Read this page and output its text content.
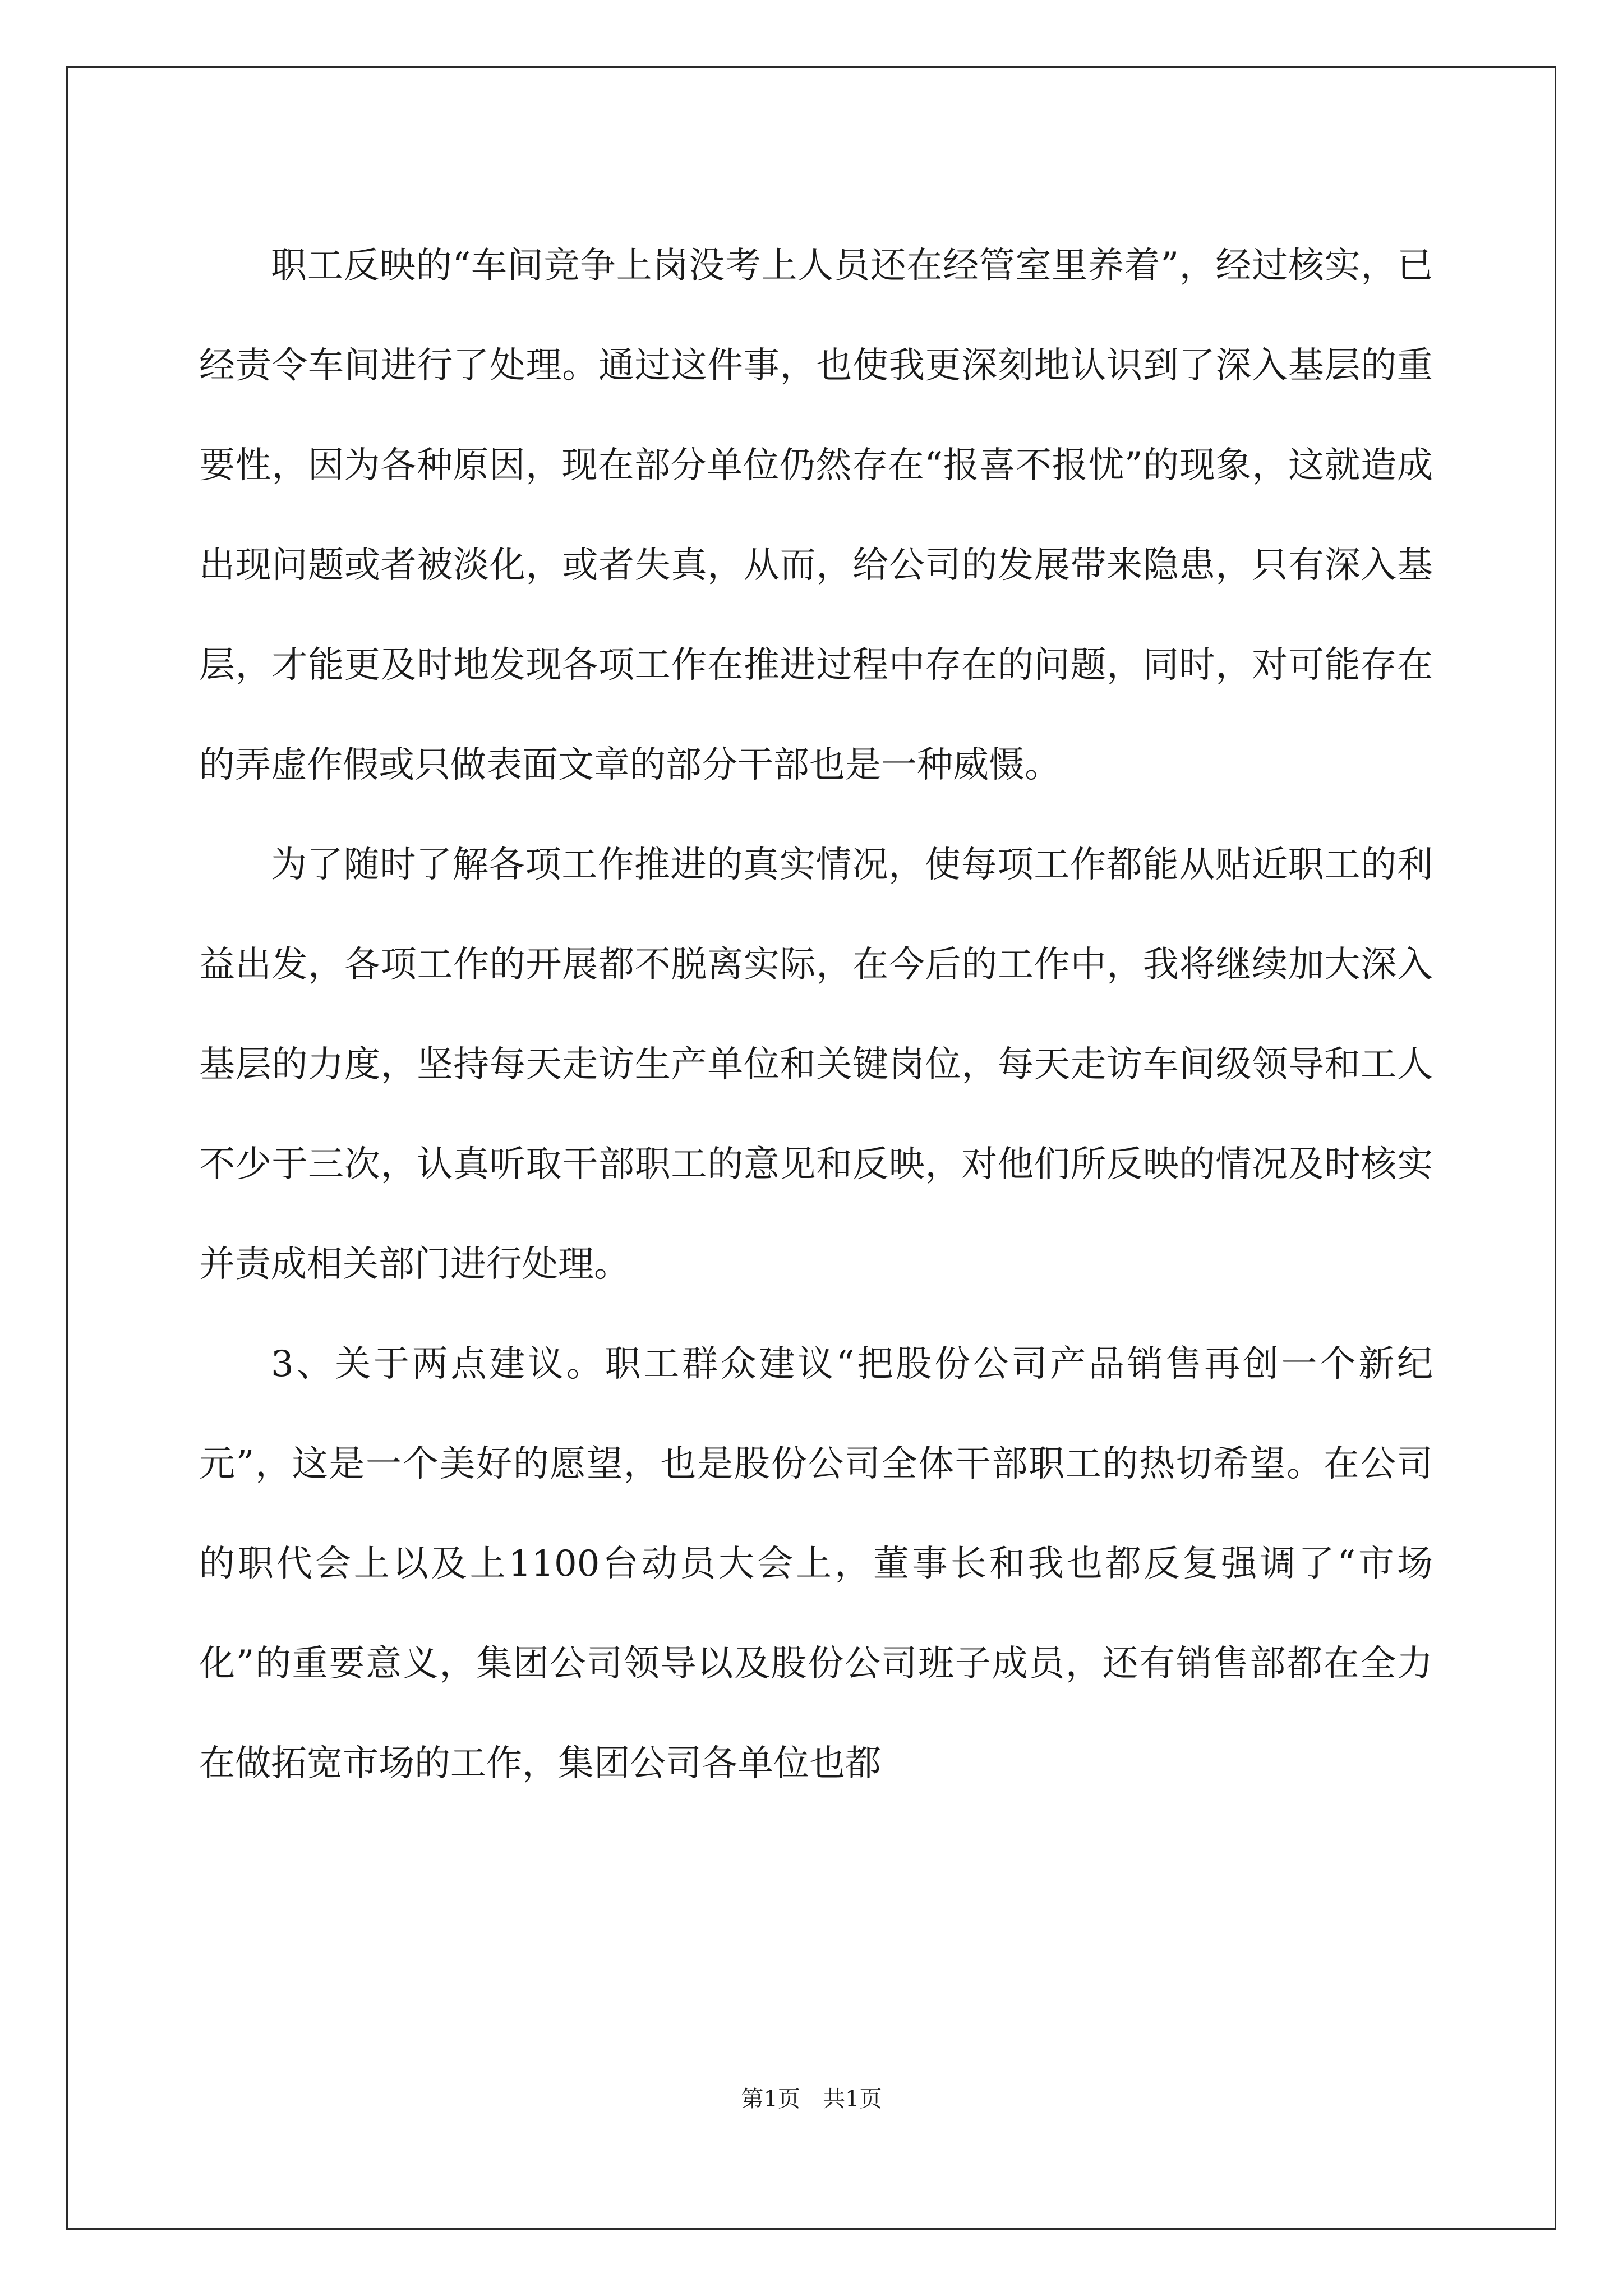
职工反映的“车间竞争上岗没考上人员还在经管室里养着”，经过核实，已经责令车间进行了处理。通过这件事，也使我更深刻地认识到了深入基层的重要性，因为各种原因，现在部分单位仍然存在“报喜不报忧”的现象，这就造成出现问题或者被淡化，或者失真，从而，给公司的发展带来隐患，只有深入基层，才能更及时地发现各项工作在推进过程中存在的问题，同时，对可能存在的弄虚作假或只做表面文章的部分干部也是一种威慑。

为了随时了解各项工作推进的真实情况，使每项工作都能从贴近职工的利益出发，各项工作的开展都不脱离实际，在今后的工作中，我将继续加大深入基层的力度，坚持每天走访生产单位和关键岗位，每天走访车间级领导和工人不少于三次，认真听取干部职工的意见和反映，对他们所反映的情况及时核实并责成相关部门进行处理。

3、关于两点建议。职工群众建议“把股份公司产品销售再创一个新纪元”，这是一个美好的愿望，也是股份公司全体干部职工的热切希望。在公司的职代会上以及上1100台动员大会上，董事长和我也都反复强调了“市场化”的重要意义，集团公司领导以及股份公司班子成员，还有销售部都在全力在做拓宽市场的工作，集团公司各单位也都

第1页　共1页
